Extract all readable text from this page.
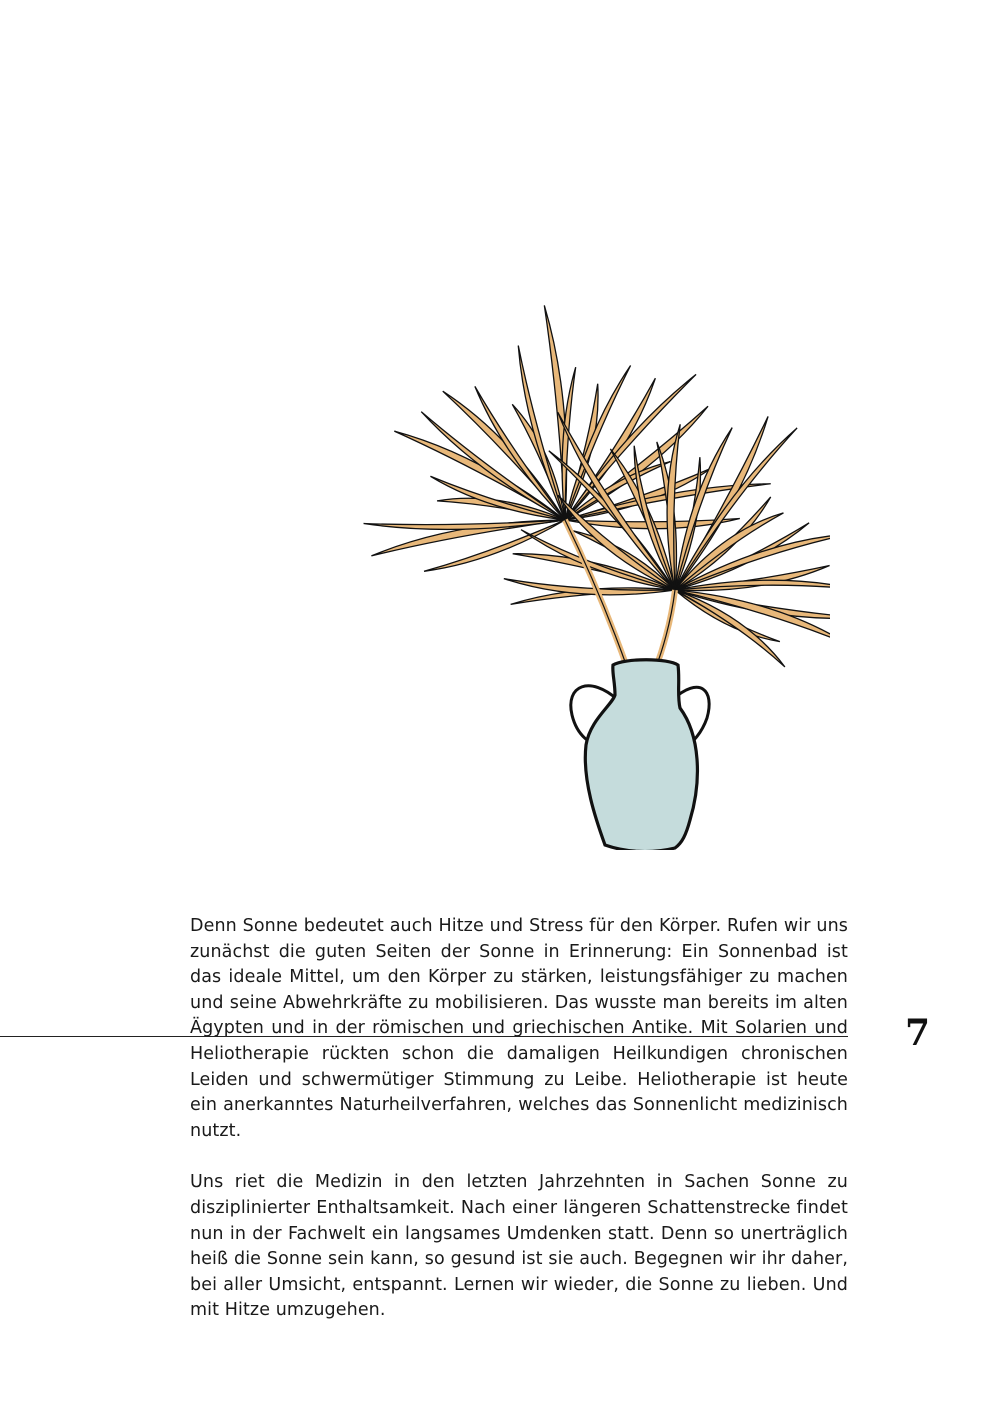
Denn Sonne bedeutet auch Hitze und Stress für den Körper. Rufen wir uns zunächst die guten Seiten der Sonne in Erinnerung: Ein Sonnenbad ist das ideale Mittel, um den Körper zu stärken, leistungsfähiger zu machen und seine Abwehrkräfte zu mobilisieren. Das wusste man bereits im alten Ägypten und in der römischen und griechischen Antike. Mit Solarien und Heliotherapie rückten schon die damaligen Heilkundigen chronischen Leiden und schwermütiger Stimmung zu Leibe. Heliotherapie ist heute ein anerkanntes Naturheilverfahren, welches das Sonnenlicht medizinisch nutzt.

Uns riet die Medizin in den letzten Jahrzehnten in Sachen Sonne zu disziplinierter Enthaltsamkeit. Nach einer längeren Schattenstrecke findet nun in der Fachwelt ein langsames Umdenken statt. Denn so unerträglich heiß die Sonne sein kann, so gesund ist sie auch. Begegnen wir ihr daher, bei aller Umsicht, entspannt. Lernen wir wieder, die Sonne zu lieben. Und mit Hitze umzugehen.

7
